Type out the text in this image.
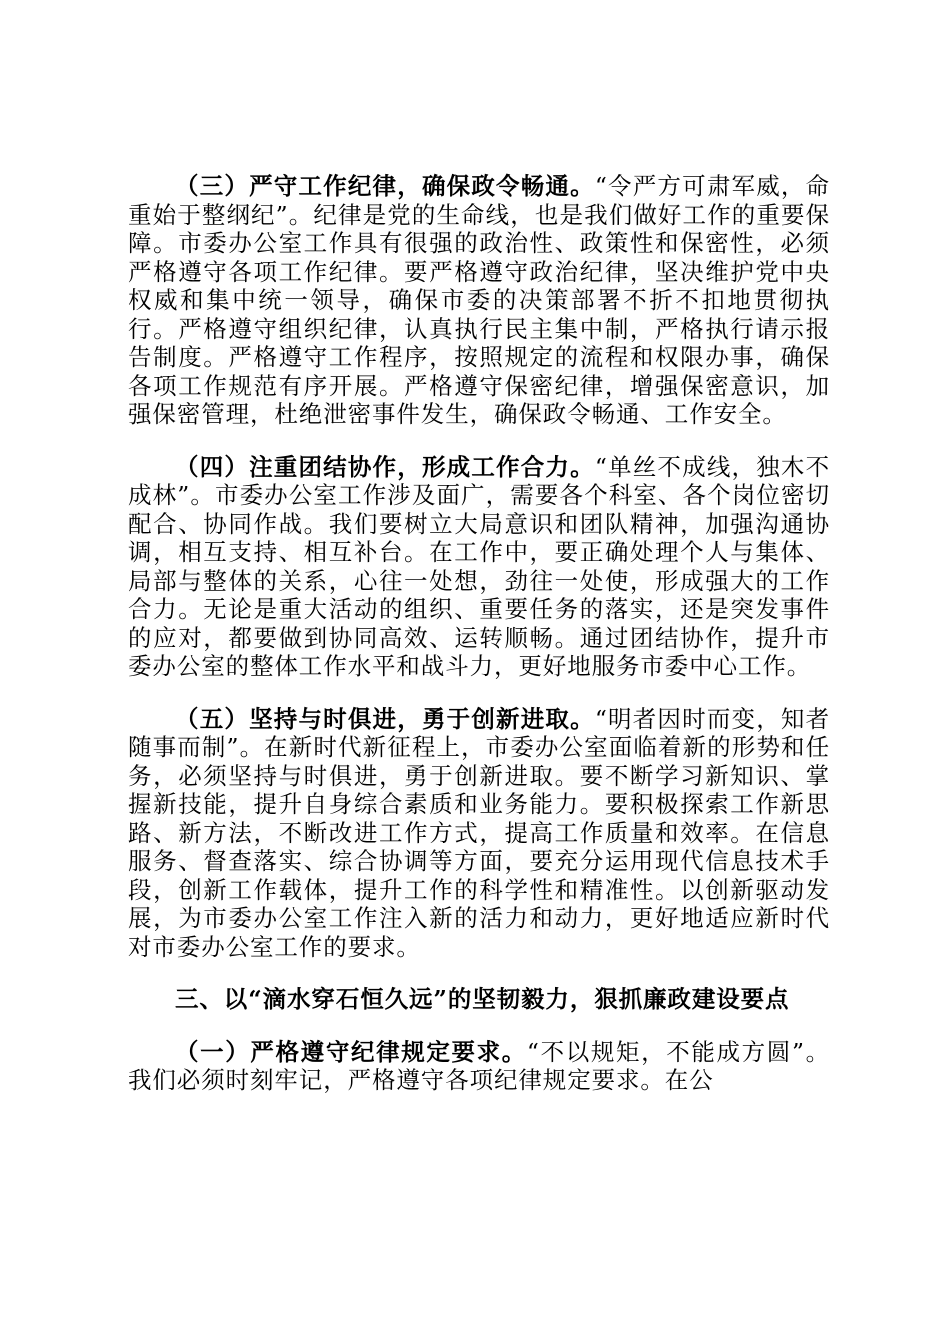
（三）严守工作纪律，确保政令畅通。“令严方可肃军威，命重始于整纲纪”。纪律是党的生命线，也是我们做好工作的重要保障。市委办公室工作具有很强的政治性、政策性和保密性，必须严格遵守各项工作纪律。要严格遵守政治纪律，坚决维护党中央权威和集中统一领导，确保市委的决策部署不折不扣地贯彻执行。严格遵守组织纪律，认真执行民主集中制，严格执行请示报告制度。严格遵守工作程序，按照规定的流程和权限办事，确保各项工作规范有序开展。严格遵守保密纪律，增强保密意识，加强保密管理，杜绝泄密事件发生，确保政令畅通、工作安全。

（四）注重团结协作，形成工作合力。“单丝不成线，独木不成林”。市委办公室工作涉及面广，需要各个科室、各个岗位密切配合、协同作战。我们要树立大局意识和团队精神，加强沟通协调，相互支持、相互补台。在工作中，要正确处理个人与集体、局部与整体的关系，心往一处想，劲往一处使，形成强大的工作合力。无论是重大活动的组织、重要任务的落实，还是突发事件的应对，都要做到协同高效、运转顺畅。通过团结协作，提升市委办公室的整体工作水平和战斗力，更好地服务市委中心工作。

（五）坚持与时俱进，勇于创新进取。“明者因时而变，知者随事而制”。在新时代新征程上，市委办公室面临着新的形势和任务，必须坚持与时俱进，勇于创新进取。要不断学习新知识、掌握新技能，提升自身综合素质和业务能力。要积极探索工作新思路、新方法，不断改进工作方式，提高工作质量和效率。在信息服务、督查落实、综合协调等方面，要充分运用现代信息技术手段，创新工作载体，提升工作的科学性和精准性。以创新驱动发展，为市委办公室工作注入新的活力和动力，更好地适应新时代对市委办公室工作的要求。

三、以“滴水穿石恒久远”的坚韧毅力，狠抓廉政建设要点

（一）严格遵守纪律规定要求。“不以规矩，不能成方圆”。我们必须时刻牢记，严格遵守各项纪律规定要求。在公
